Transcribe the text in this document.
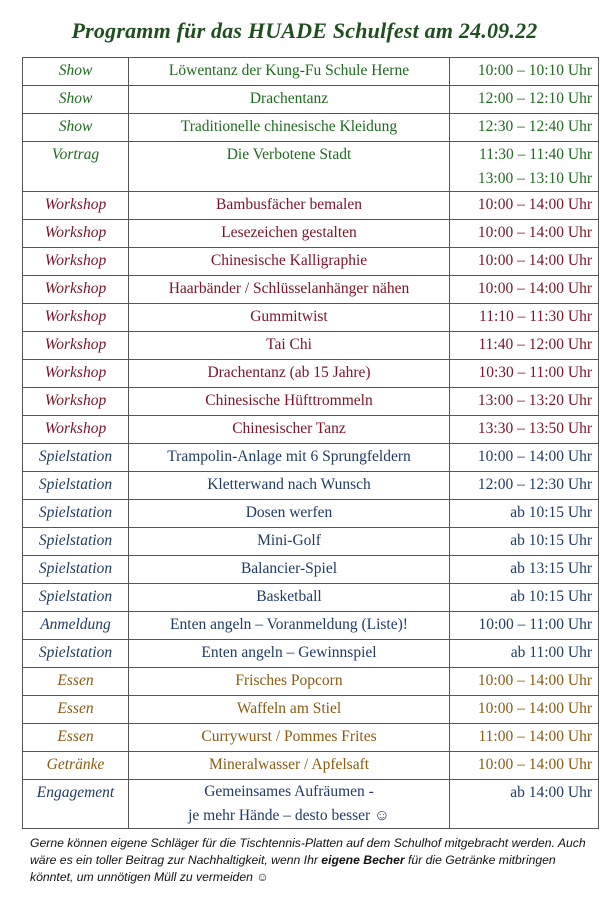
Programm für das HUADE Schulfest am 24.09.22
Show	Löwentanz der Kung-Fu Schule Herne	10:00 – 10:10 Uhr

Show	Drachentanz	12:00 – 12:10 Uhr

Show	Traditionelle chinesische Kleidung	12:30 – 12:40 Uhr

Vortrag	Die Verbotene Stadt	11:30 – 11:40 Uhr
13:00 – 13:10 Uhr

Workshop	Bambusfächer bemalen	10:00 – 14:00 Uhr

Workshop	Lesezeichen gestalten	10:00 – 14:00 Uhr

Workshop	Chinesische Kalligraphie	10:00 – 14:00 Uhr

Workshop	Haarbänder / Schlüsselanhänger nähen	10:00 – 14:00 Uhr

Workshop	Gummitwist	11:10 – 11:30 Uhr

Workshop	Tai Chi	11:40 – 12:00 Uhr

Workshop	Drachentanz (ab 15 Jahre)	10:30 – 11:00 Uhr

Workshop	Chinesische Hüfttrommeln	13:00 – 13:20 Uhr

Workshop	Chinesischer Tanz	13:30 – 13:50 Uhr

Spielstation	Trampolin-Anlage mit 6 Sprungfeldern	10:00 – 14:00 Uhr

Spielstation	Kletterwand nach Wunsch	12:00 – 12:30 Uhr

Spielstation	Dosen werfen	ab 10:15 Uhr

Spielstation	Mini-Golf	ab 10:15 Uhr

Spielstation	Balancier-Spiel	ab 13:15 Uhr

Spielstation	Basketball	ab 10:15 Uhr

Anmeldung	Enten angeln – Voranmeldung (Liste)!	10:00 – 11:00 Uhr

Spielstation	Enten angeln – Gewinnspiel	ab 11:00 Uhr

Essen	Frisches Popcorn	10:00 – 14:00 Uhr

Essen	Waffeln am Stiel	10:00 – 14:00 Uhr

Essen	Currywurst / Pommes Frites	11:00 – 14:00 Uhr

Getränke	Mineralwasser / Apfelsaft	10:00 – 14:00 Uhr

Engagement	Gemeinsames Aufräumen -
je mehr Hände – desto besser ☺	ab 14:00 Uhr
Gerne können eigene Schläger für die Tischtennis-Platten auf dem Schulhof mitgebracht werden. Auch wäre es ein toller Beitrag zur Nachhaltigkeit, wenn Ihr eigene Becher für die Getränke mitbringen könntet, um unnötigen Müll zu vermeiden ☺
